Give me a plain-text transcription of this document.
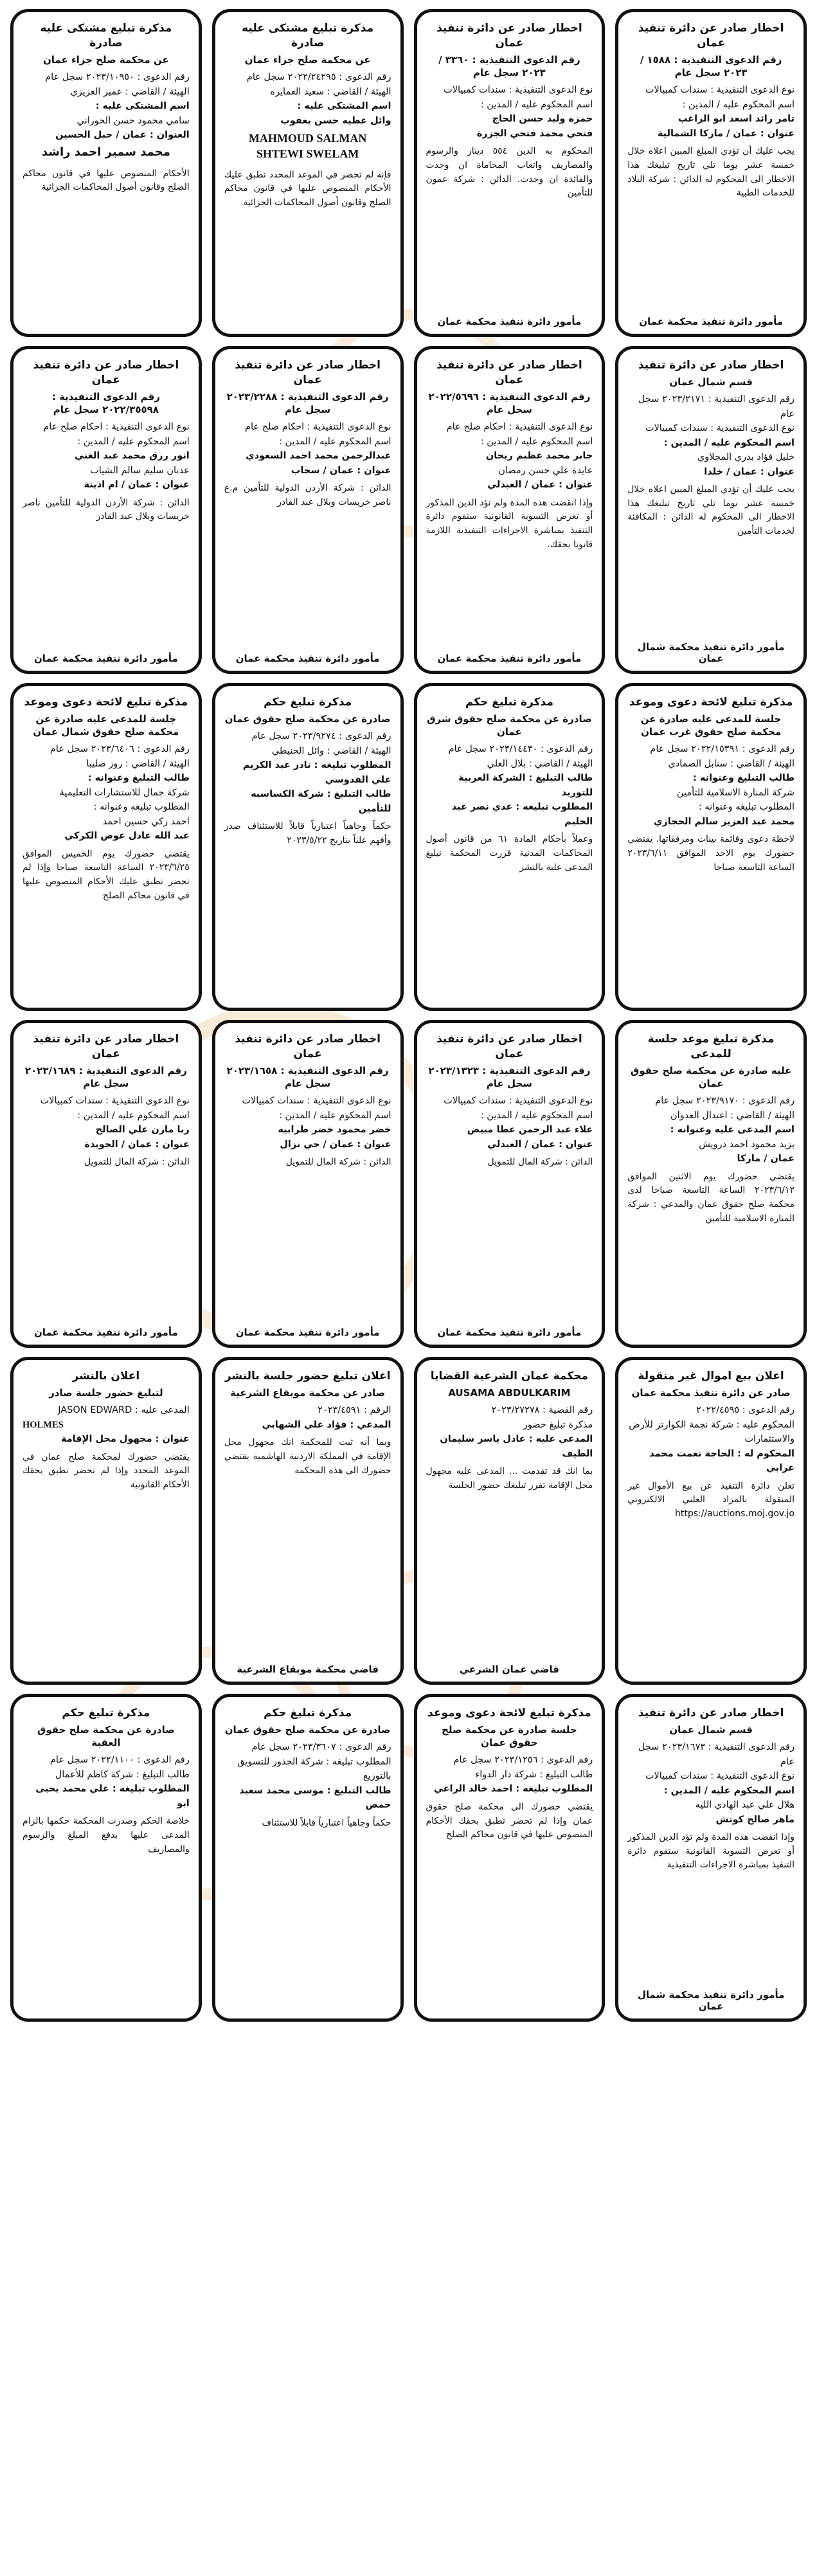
اخطار صادر عن دائرة تنفيذ عمان
رقم الدعوى التنفيذية : ١٥٨٨ / ٢٠٢٣ سجل عام
نوع الدعوى التنفيذية : سندات كمبيالات
اسم المحكوم عليه / المدين :
تامر رائد اسعد ابو الراغب
عنوان : عمان / ماركا الشمالية
يجب عليك أن تؤدي المبلغ المبين اعلاه خلال خمسة عشر يوما تلي تاريخ تبليغك هذا الاخطار الى المحكوم له الدائن : شركة البلاد للخدمات الطبية
مأمور دائرة تنفيذ محكمة عمان
اخطار صادر عن دائرة تنفيذ عمان
رقم الدعوى التنفيذية : ٣٣٦٠ / ٢٠٢٣ سجل عام
نوع الدعوى التنفيذية : سندات كمبيالات
اسم المحكوم عليه / المدين :
حمزه وليد حسن الحاج
فتحي محمد فتحي الجزرة
المحكوم به الدين ٥٥٤ دينار والرسوم والمصاريف واتعاب المحاماة ان وجدت والفائدة ان وجدت. الدائن : شركة عمون للتأمين
مأمور دائرة تنفيذ محكمة عمان
مذكرة تبليغ مشتكى عليه صادرة
عن محكمة صلح جزاء عمان
رقم الدعوى : ٢٠٢٢/٢٤٢٩٥ سجل عام
الهيئة / القاضي : سعيد العمايره
اسم المشتكى عليه :
وائل عطيه حسن يعقوب
MAHMOUD SALMAN SHTEWI SWELAM
فإنه لم تحضر في الموعد المحدد تطبق عليك الأحكام المنصوص عليها في قانون محاكم الصلح وقانون أصول المحاكمات الجزائية
مذكرة تبليغ مشتكى عليه صادرة
عن محكمة صلح جزاء عمان
رقم الدعوى : ٢٠٢٣/١٠٩٥٠ سجل عام
الهيئة / القاضي : عمير العزيزي
اسم المشتكى عليه :
سامي محمود حسن الحوراني
العنوان : عمان / جبل الحسين
محمد سمير احمد راشد
الأحكام المنصوص عليها في قانون محاكم الصلح وقانون أصول المحاكمات الجزائية
اخطار صادر عن دائرة تنفيذ
قسم شمال عمان
رقم الدعوى التنفيذية : ٢٠٢٣/٢١٧١ سجل عام
نوع الدعوى التنفيذية : سندات كمبيالات
اسم المحكوم عليه / المدين :
خليل فؤاد بدري المجلاوي
عنوان : عمان / خلدا
يجب عليك أن تؤدي المبلغ المبين اعلاه خلال خمسة عشر يوما تلي تاريخ تبليغك هذا الاخطار الى المحكوم له الدائن : المكافئة لخدمات التأمين
مأمور دائرة تنفيذ محكمة شمال عمان
اخطار صادر عن دائرة تنفيذ عمان
رقم الدعوى التنفيذية : ٢٠٢٢/٥٦٩٦ سجل عام
نوع الدعوى التنفيذية : احكام صلح عام
اسم المحكوم عليه / المدين :
جابر محمد عظيم ريحان
عايدة علي حسن رمضان
عنوان : عمان / العبدلي
وإذا انقضت هذه المدة ولم تؤد الدين المذكور أو تعرض التسوية القانونية ستقوم دائرة التنفيذ بمباشرة الاجراءات التنفيذية اللازمة قانونا بحقك.
مأمور دائرة تنفيذ محكمة عمان
اخطار صادر عن دائرة تنفيذ عمان
رقم الدعوى التنفيذية : ٢٠٢٣/٢٢٨٨ سجل عام
نوع الدعوى التنفيذية : احكام صلح عام
اسم المحكوم عليه / المدين :
عبدالرحمن محمد احمد السعودي
عنوان : عمان / سحاب
الدائن : شركة الأردن الدولية للتأمين م.ع ناصر خريسات وبلال عبد القادر
مأمور دائرة تنفيذ محكمة عمان
اخطار صادر عن دائرة تنفيذ عمان
رقم الدعوى التنفيذية : ٢٠٢٢/٣٥٥٩٨ سجل عام
نوع الدعوى التنفيذية : احكام صلح عام
اسم المحكوم عليه / المدين :
انور رزق محمد عبد الغني
عدنان سليم سالم الشياب
عنوان : عمان / ام اذينة
الدائن : شركة الأردن الدولية للتأمين ناصر خريسات وبلال عبد القادر
مأمور دائرة تنفيذ محكمة عمان
مذكرة تبليغ لائحة دعوى وموعد
جلسة للمدعى عليه صادرة عن محكمة صلح حقوق غرب عمان
رقم الدعوى : ٢٠٢٢/١٥٣٩١ سجل عام
الهيئة / القاضي : سنابل الصمادي
طالب التبليغ وعنوانه :
شركة المنارة الاسلامية للتأمين
المطلوب تبليغه وعنوانه :
محمد عبد العزيز سالم الحجازي
لاحظة دعوى وقائمة بينات ومرفقاتها. يقتضي حضورك يوم الاحد الموافق ٢٠٢٣/٦/١١ الساعة التاسعة صباحا
مذكرة تبليغ حكم
صادرة عن محكمة صلح حقوق شرق عمان
رقم الدعوى : ٢٠٢٣/١٤٤٣٠ سجل عام
الهيئة / القاضي : بلال العلي
طالب التبليغ : الشركة العربية للتوريد
المطلوب تبليغه : عدي نصر عبد الحليم
وعملاً بأحكام المادة ٦١ من قانون أصول المحاكمات المدنية قررت المحكمة تبليغ المدعى عليه بالنشر
مذكرة تبليغ حكم
صادرة عن محكمة صلح حقوق عمان
رقم الدعوى : ٢٠٢٣/٩٢٧٤ سجل عام
الهيئة / القاضي : وائل الحنيطي
المطلوب تبليغه : نادر عبد الكريم علي القدوسي
طالب التبليغ : شركة الكساسبه للتأمين
حكماً وجاهياً اعتبارياً قابلاً للاستئناف صدر وأفهم علناً بتاريخ ٢٠٢٣/٥/٢٢
مذكرة تبليغ لائحة دعوى وموعد
جلسة للمدعى عليه صادرة عن محكمة صلح حقوق شمال عمان
رقم الدعوى : ٢٠٢٣/٦٤٠٦ سجل عام
الهيئة / القاضي : روز صليبا
طالب التبليغ وعنوانه :
شركة جمال للاستشارات التعليمية
المطلوب تبليغه وعنوانه :
احمد زكي حسين احمد
عبد الله عادل عوض الكركي
يقتضي حضورك يوم الخميس الموافق ٢٠٢٣/٦/٢٥ الساعة التاسعة صباحا وإذا لم تحضر تطبق عليك الأحكام المنصوص عليها في قانون محاكم الصلح
مذكرة تبليغ موعد جلسة للمدعى
عليه صادرة عن محكمة صلح حقوق عمان
رقم الدعوى : ٢٠٢٣/٩١٧٠ سجل عام
الهيئة / القاضي : اعتدال العدوان
اسم المدعى عليه وعنوانه :
يزيد محمود احمد درويش
عمان / ماركا
يقتضي حضورك يوم الاثنين الموافق ٢٠٢٣/٦/١٢ الساعة التاسعة صباحا لدى محكمة صلح حقوق عمان والمدعي : شركة المنارة الاسلامية للتأمين
اخطار صادر عن دائرة تنفيذ عمان
رقم الدعوى التنفيذية : ٢٠٢٣/١٣٢٣ سجل عام
نوع الدعوى التنفيذية : سندات كمبيالات
اسم المحكوم عليه / المدين :
علاء عبد الرحمن عطا مبيض
عنوان : عمان / العبدلي
الدائن : شركة المال للتمويل
مأمور دائرة تنفيذ محكمة عمان
اخطار صادر عن دائرة تنفيذ عمان
رقم الدعوى التنفيذية : ٢٠٢٣/١٦٥٨ سجل عام
نوع الدعوى التنفيذية : سندات كمبيالات
اسم المحكوم عليه / المدين :
خضر محمود خضر طرابيه
عنوان : عمان / حي نزال
الدائن : شركة المال للتمويل
مأمور دائرة تنفيذ محكمة عمان
اخطار صادر عن دائرة تنفيذ عمان
رقم الدعوى التنفيذية : ٢٠٢٣/١٦٨٩ سجل عام
نوع الدعوى التنفيذية : سندات كمبيالات
اسم المحكوم عليه / المدين :
ربا مازن علي الصالح
عنوان : عمان / الجويدة
الدائن : شركة المال للتمويل
مأمور دائرة تنفيذ محكمة عمان
اعلان بيع اموال غير منقولة
صادر عن دائرة تنفيذ محكمة عمان
رقم الدعوى : ٢٠٢٢/٤٥٩٥
المحكوم عليه : شركة نجمة الكوارتز للأرض والاستثمارات
المحكوم له : الحاجة نعمت محمد عرابي
تعلن دائرة التنفيذ عن بيع الأموال غير المنقولة بالمزاد العلني الالكتروني https://auctions.moj.gov.jo
محكمة عمان الشرعية القضايا
AUSAMA ABDULKARIM
رقم القضية : ٢٠٢٣/٢٧٢٧٨
مذكرة تبليغ حضور
المدعى عليه : عادل ياسر سليمان الطيف
بما انك قد تقدمت ... المدعى عليه مجهول محل الإقامة تقرر تبليغك حضور الجلسة
قاضي عمان الشرعي
اعلان تبليغ حضور جلسة بالنشر
صادر عن محكمة موبقاع الشرعية
الرقم : ٢٠٢٣/٤٥٩١
المدعي : فؤاد علي الشهابي
وبما أنه ثبت للمحكمة انك مجهول محل الإقامة في المملكة الاردنية الهاشمية يقتضي حضورك الى هذه المحكمة
قاضي محكمة موبقاع الشرعية
اعلان بالنشر
لتبليغ حضور جلسة صادر
المدعى عليه : JASON EDWARD
HOLMES
عنوان : مجهول محل الإقامة
يقتضي حضورك لمحكمة صلح عمان في الموعد المحدد وإذا لم تحضر تطبق بحقك الأحكام القانونية
اخطار صادر عن دائرة تنفيذ
قسم شمال عمان
رقم الدعوى التنفيذية : ٢٠٢٣/١٦٧٣ سجل عام
نوع الدعوى التنفيذية : سندات كمبيالات
اسم المحكوم عليه / المدين :
هلال علي عبد الهادي الليه
ماهر صالح كوتش
وإذا انقضت هذه المدة ولم تؤد الدين المذكور أو تعرض التسوية القانونية ستقوم دائرة التنفيذ بمباشرة الاجراءات التنفيذية
مأمور دائرة تنفيذ محكمة شمال عمان
مذكرة تبليغ لائحة دعوى وموعد
جلسة صادرة عن محكمة صلح حقوق عمان
رقم الدعوى : ٢٠٢٣/١٢٥٦ سجل عام
طالب التبليغ : شركة دار الدواء
المطلوب تبليغه : احمد خالد الراعي
يقتضي حضورك الى محكمة صلح حقوق عمان وإذا لم تحضر تطبق بحقك الأحكام المنصوص عليها في قانون محاكم الصلح
مذكرة تبليغ حكم
صادرة عن محكمة صلح حقوق عمان
رقم الدعوى : ٢٠٢٣/٣٦٠٧ سجل عام
المطلوب تبليغه : شركة الجذور للتسويق بالتوزيع
طالب التبليغ : موسى محمد سعيد حمص
حكماً وجاهياً اعتبارياً قابلاً للاستئناف
مذكرة تبليغ حكم
صادرة عن محكمة صلح حقوق العقبة
رقم الدعوى : ٢٠٢٢/١١٠٠ سجل عام
طالب التبليغ : شركة كاظم للأعمال
المطلوب تبليغه : علي محمد يحيى ابو
خلاصة الحكم وصدرت المحكمة حكمها بالزام المدعى عليها بدفع المبلغ والرسوم والمصاريف
